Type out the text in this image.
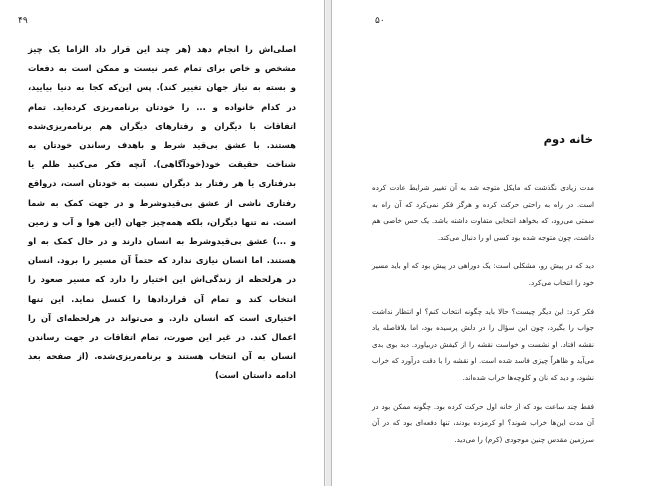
۴۹

اصلی‌اش را انجام دهد (هر چند این قرار داد الزاما یک چیز مشخص و خاص برای تمام عمر نیست و ممکن است به دفعات و بسته به نیاز جهان تغییر کند). پس این‌که کجا به دنیا بیایید، در کدام خانواده و ... را خودتان برنامه‌ریزی کرده‌اید. تمام اتفاقات با دیگران و رفتارهای دیگران هم برنامه‌ریزی‌شده هستند. با عشق بی‌قید شرط و باهدف رساندن خودتان به شناخت حقیقت خود(خودآگاهی). آنچه فکر می‌کنید ظلم یا بدرفتاری یا هر رفتار بد دیگران نسبت به خودتان است، درواقع رفتاری ناشی از عشق بی‌قیدوشرط و در جهت کمک به شما است. نه تنها دیگران، بلکه همه‌چیز جهان (این هوا و آب و زمین و ...) عشق بی‌قیدوشرط به انسان دارند و در حال کمک به او هستند. اما انسان نیازی ندارد که حتماً آن مسیر را برود. انسان در هرلحظه از زندگی‌اش این اختیار را دارد که مسیر صعود را انتخاب کند و تمام آن قراردادها را کنسل نماید. این تنها اختیاری است که انسان دارد. و می‌تواند در هرلحظه‌ای آن را اعمال کند. در غیر این صورت، تمام اتفاقات در جهت رساندن انسان به آن انتخاب هستند و برنامه‌ریزی‌شده. (از صفحه بعد ادامه داستان است)

۵۰
خانه دوم

مدت زیادی نگذشت که مایکل متوجه شد به آن تغییر شرایط عادت کرده است. در راه به راحتی حرکت کرده و هرگز فکر نمی‌کرد که آن راه به سمتی می‌رود، که بخواهد انتخابی متفاوت داشته باشد. یک حس خاصی هم داشت، چون متوجه شده بود کسی او را دنبال می‌کند.

دید که در پیش رو، مشکلی است: یک دوراهی در پیش بود که او باید مسیر خود را انتخاب می‌کرد.

فکر کرد: این دیگر چیست؟ حالا باید چگونه انتخاب کنم؟ او انتظار نداشت جواب را بگیرد، چون این سؤال را در دلش پرسیده بود، اما بلافاصله یاد نقشه افتاد. او نشست و خواست نقشه را از کیفش دربیاورد. دید بوی بدی می‌آید و ظاهراً چیزی فاسد شده است. او نقشه را با دقت درآورد که خراب نشود، و دید که نان و کلوچه‌ها خراب شده‌اند.

فقط چند ساعت بود که از خانه اول حرکت کرده بود. چگونه ممکن بود در آن مدت این‌ها خراب شوند؟ او کرمزده بودند، تنها دفعه‌ای بود که در آن سرزمین مقدس چنین موجودی (کرم) را می‌دید.
